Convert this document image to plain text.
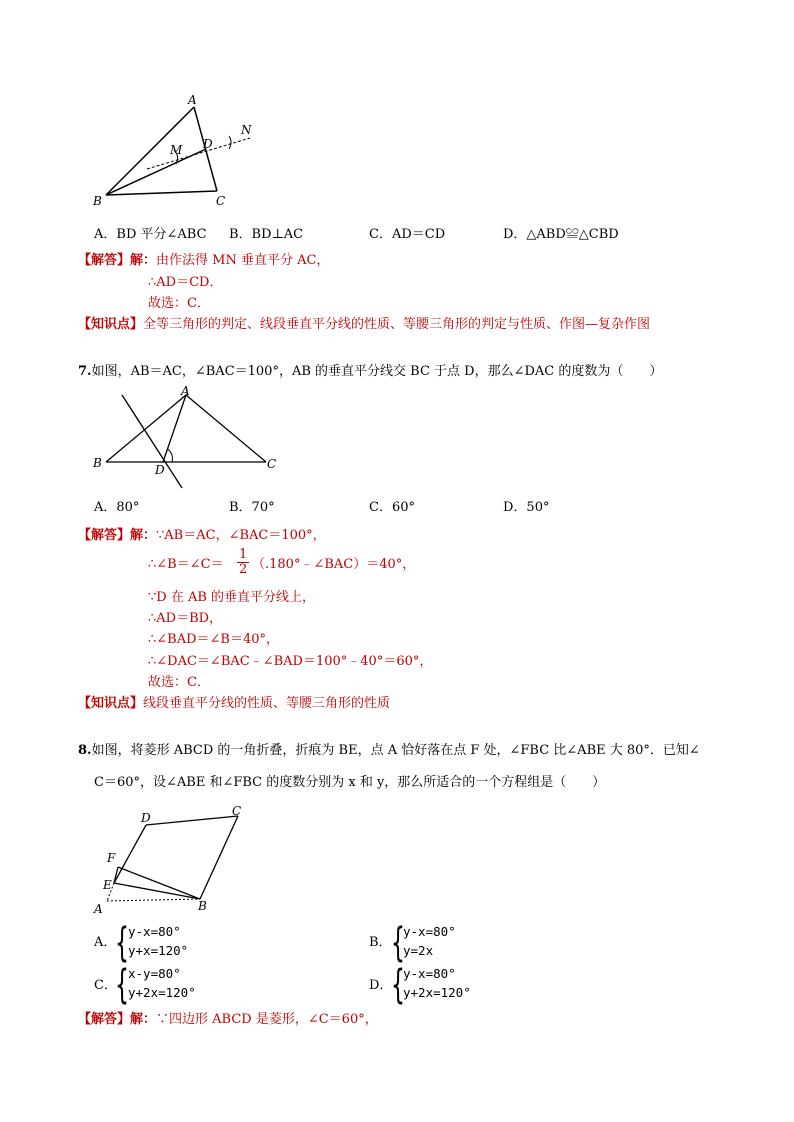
A
B	C
D
M
N
A．BD 平分∠ABC B．BD⊥AC	C．AD＝CD	D．△ABD≌△CBD
【解答】解：由作法得 MN 垂直平分 AC，
∴AD＝CD．
故选：C．
【知识点】全等三角形的判定、线段垂直平分线的性质、等腰三角形的判定与性质、作图—复杂作图
7.如图，AB＝AC，∠BAC＝100°，AB 的垂直平分线交 BC 于点 D，那么∠DAC 的度数为（　　）
A
B	C
D
A．80°	B．70°	C．60°	D．50°
【解答】解：∵AB＝AC，∠BAC＝100°，
∴∠B＝∠C＝ $\frac{1}{2}$ （.180°﹣∠BAC）＝40°，
∵D 在 AB 的垂直平分线上，
∴AD＝BD，
∴∠BAD＝∠B＝40°，
∴∠DAC＝∠BAC﹣∠BAD＝100°﹣40°＝60°，
故选：C．
【知识点】线段垂直平分线的性质、等腰三角形的性质
8.如图，将菱形 ABCD 的一角折叠，折痕为 BE，点 A 恰好落在点 F 处，∠FBC 比∠ABE 大 80°．已知∠
C＝60°，设∠ABE 和∠FBC 的度数分别为 x 和 y，那么所适合的一个方程组是（　　）
A	B
C
D
E
F
A．
{ y-x=80°
y+x=120°
B． {
y-x=80°
y=2x
C．
{ x-y=80°
y+2x=120°	D．
{
y-x=80°
y+2x=120°
【解答】解：∵四边形 ABCD 是菱形，∠C＝60°，
